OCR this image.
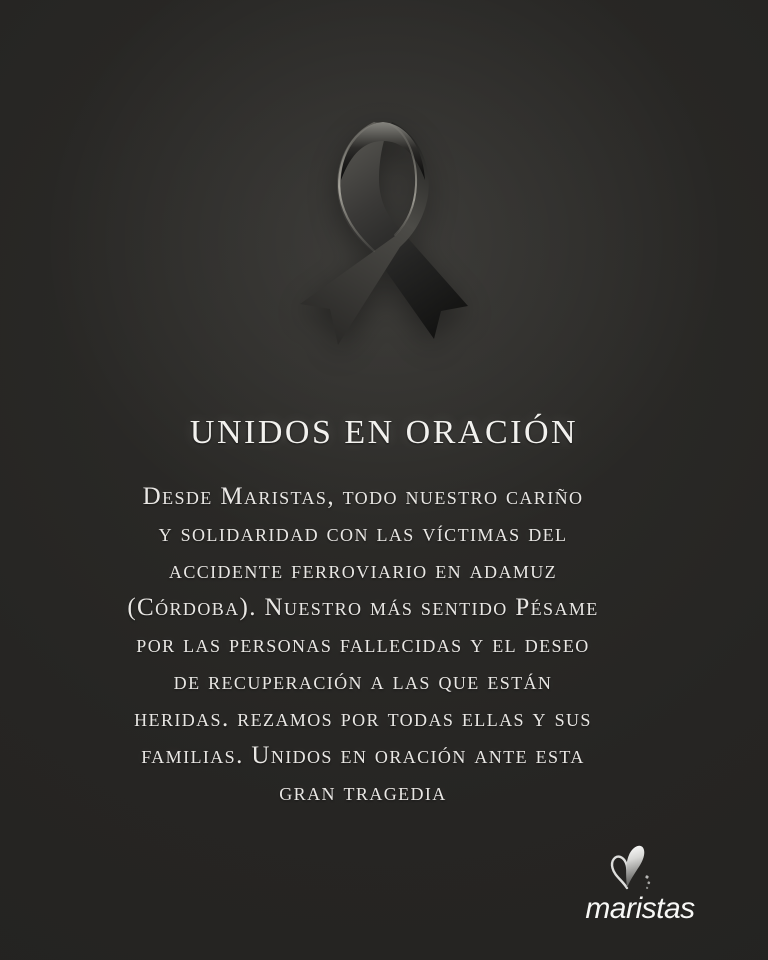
UNIDOS EN ORACIÓN
Desde Maristas, todo nuestro cariño
y solidaridad con las víctimas del
accidente ferroviario en adamuz
(Córdoba). Nuestro más sentido Pésame
por las personas fallecidas y el deseo
de recuperación a las que están
heridas. rezamos por todas ellas y sus
familias. Unidos en oración ante esta
gran tragedia
maristas
